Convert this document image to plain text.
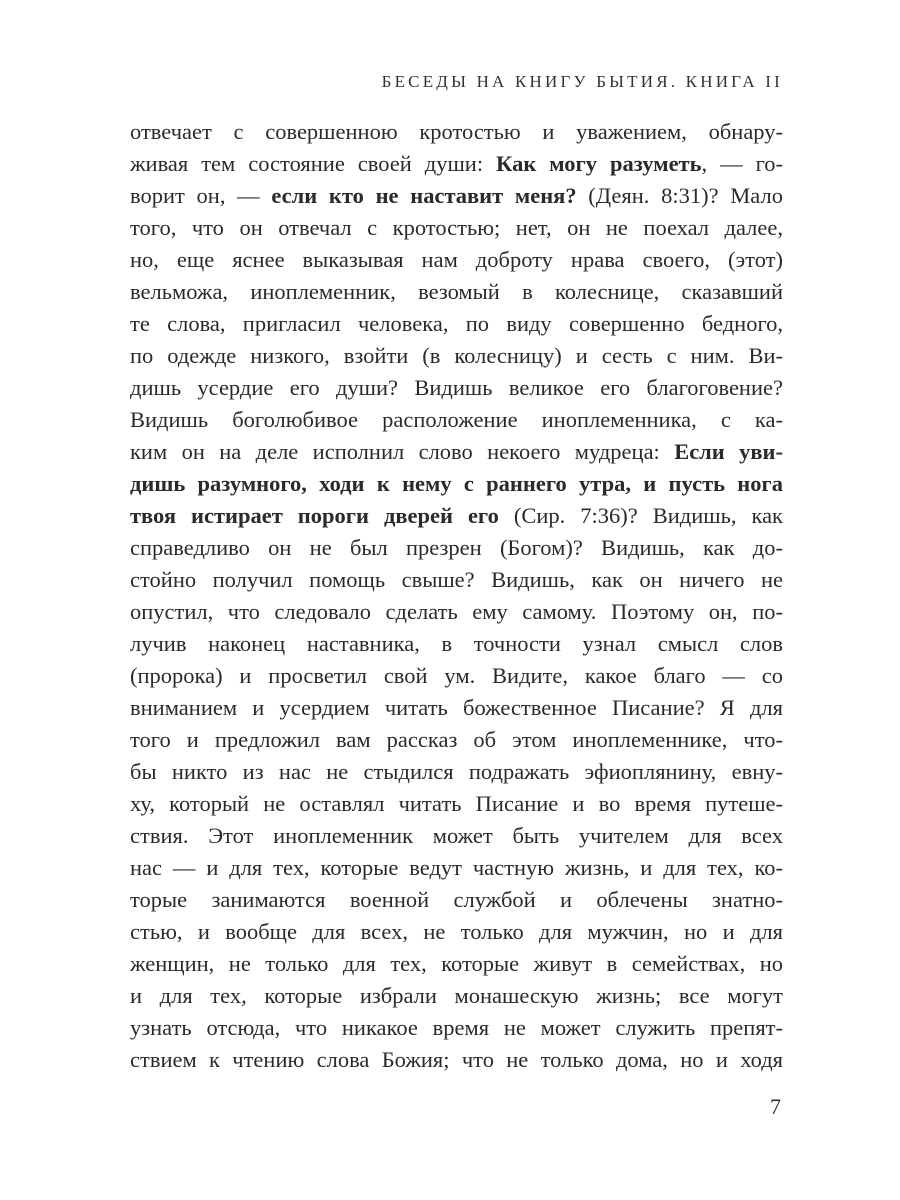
БЕСЕДЫ НА КНИГУ БЫТИЯ. КНИГА II
отвечает с совершенною кротостью и уважением, обнару-
живая тем состояние своей души: Как могу разуметь, — го-
ворит он, — если кто не наставит меня? (Деян. 8:31)? Мало
того, что он отвечал с кротостью; нет, он не поехал далее,
но, еще яснее выказывая нам доброту нрава своего, (этот)
вельможа, иноплеменник, везомый в колеснице, сказавший
те слова, пригласил человека, по виду совершенно бедного,
по одежде низкого, взойти (в колесницу) и сесть с ним. Ви-
дишь усердие его души? Видишь великое его благоговение?
Видишь боголюбивое расположение иноплеменника, с ка-
ким он на деле исполнил слово некоего мудреца: Если уви-
дишь разумного, ходи к нему с раннего утра, и пусть нога
твоя истирает пороги дверей его (Сир. 7:36)? Видишь, как
справедливо он не был презрен (Богом)? Видишь, как до-
стойно получил помощь свыше? Видишь, как он ничего не
опустил, что следовало сделать ему самому. Поэтому он, по-
лучив наконец наставника, в точности узнал смысл слов
(пророка) и просветил свой ум. Видите, какое благо — со
вниманием и усердием читать божественное Писание? Я для
того и предложил вам рассказ об этом иноплеменнике, что-
бы никто из нас не стыдился подражать эфиоплянину, евну-
ху, который не оставлял читать Писание и во время путеше-
ствия. Этот иноплеменник может быть учителем для всех
нас — и для тех, которые ведут частную жизнь, и для тех, ко-
торые занимаются военной службой и облечены знатно-
стью, и вообще для всех, не только для мужчин, но и для
женщин, не только для тех, которые живут в семействах, но
и для тех, которые избрали монашескую жизнь; все могут
узнать отсюда, что никакое время не может служить препят-
ствием к чтению слова Божия; что не только дома, но и ходя
7
